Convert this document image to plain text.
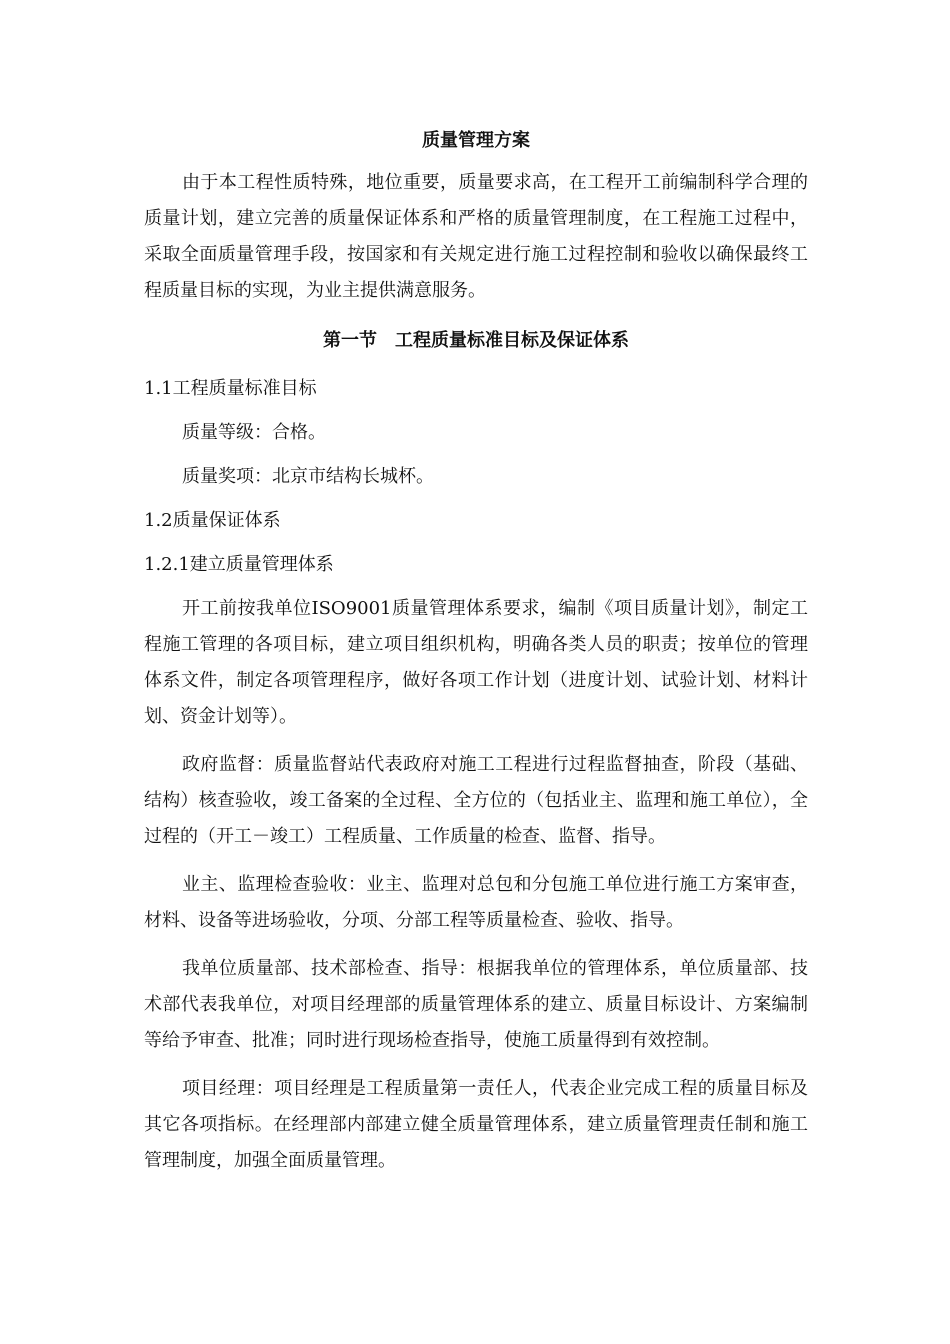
质量管理方案

由于本工程性质特殊，地位重要，质量要求高，在工程开工前编制科学合理的质量计划，建立完善的质量保证体系和严格的质量管理制度，在工程施工过程中，采取全面质量管理手段，按国家和有关规定进行施工过程控制和验收以确保最终工程质量目标的实现，为业主提供满意服务。

第一节　工程质量标准目标及保证体系

1.1工程质量标准目标

质量等级：合格。

质量奖项：北京市结构长城杯。

1.2质量保证体系

1.2.1建立质量管理体系

开工前按我单位ISO9001质量管理体系要求，编制《项目质量计划》，制定工程施工管理的各项目标，建立项目组织机构，明确各类人员的职责；按单位的管理体系文件，制定各项管理程序，做好各项工作计划（进度计划、试验计划、材料计划、资金计划等）。

政府监督：质量监督站代表政府对施工工程进行过程监督抽查，阶段（基础、结构）核查验收，竣工备案的全过程、全方位的（包括业主、监理和施工单位），全过程的（开工－竣工）工程质量、工作质量的检查、监督、指导。

业主、监理检查验收：业主、监理对总包和分包施工单位进行施工方案审查，材料、设备等进场验收，分项、分部工程等质量检查、验收、指导。

我单位质量部、技术部检查、指导：根据我单位的管理体系，单位质量部、技术部代表我单位，对项目经理部的质量管理体系的建立、质量目标设计、方案编制等给予审查、批准；同时进行现场检查指导，使施工质量得到有效控制。

项目经理：项目经理是工程质量第一责任人，代表企业完成工程的质量目标及其它各项指标。在经理部内部建立健全质量管理体系，建立质量管理责任制和施工管理制度，加强全面质量管理。
